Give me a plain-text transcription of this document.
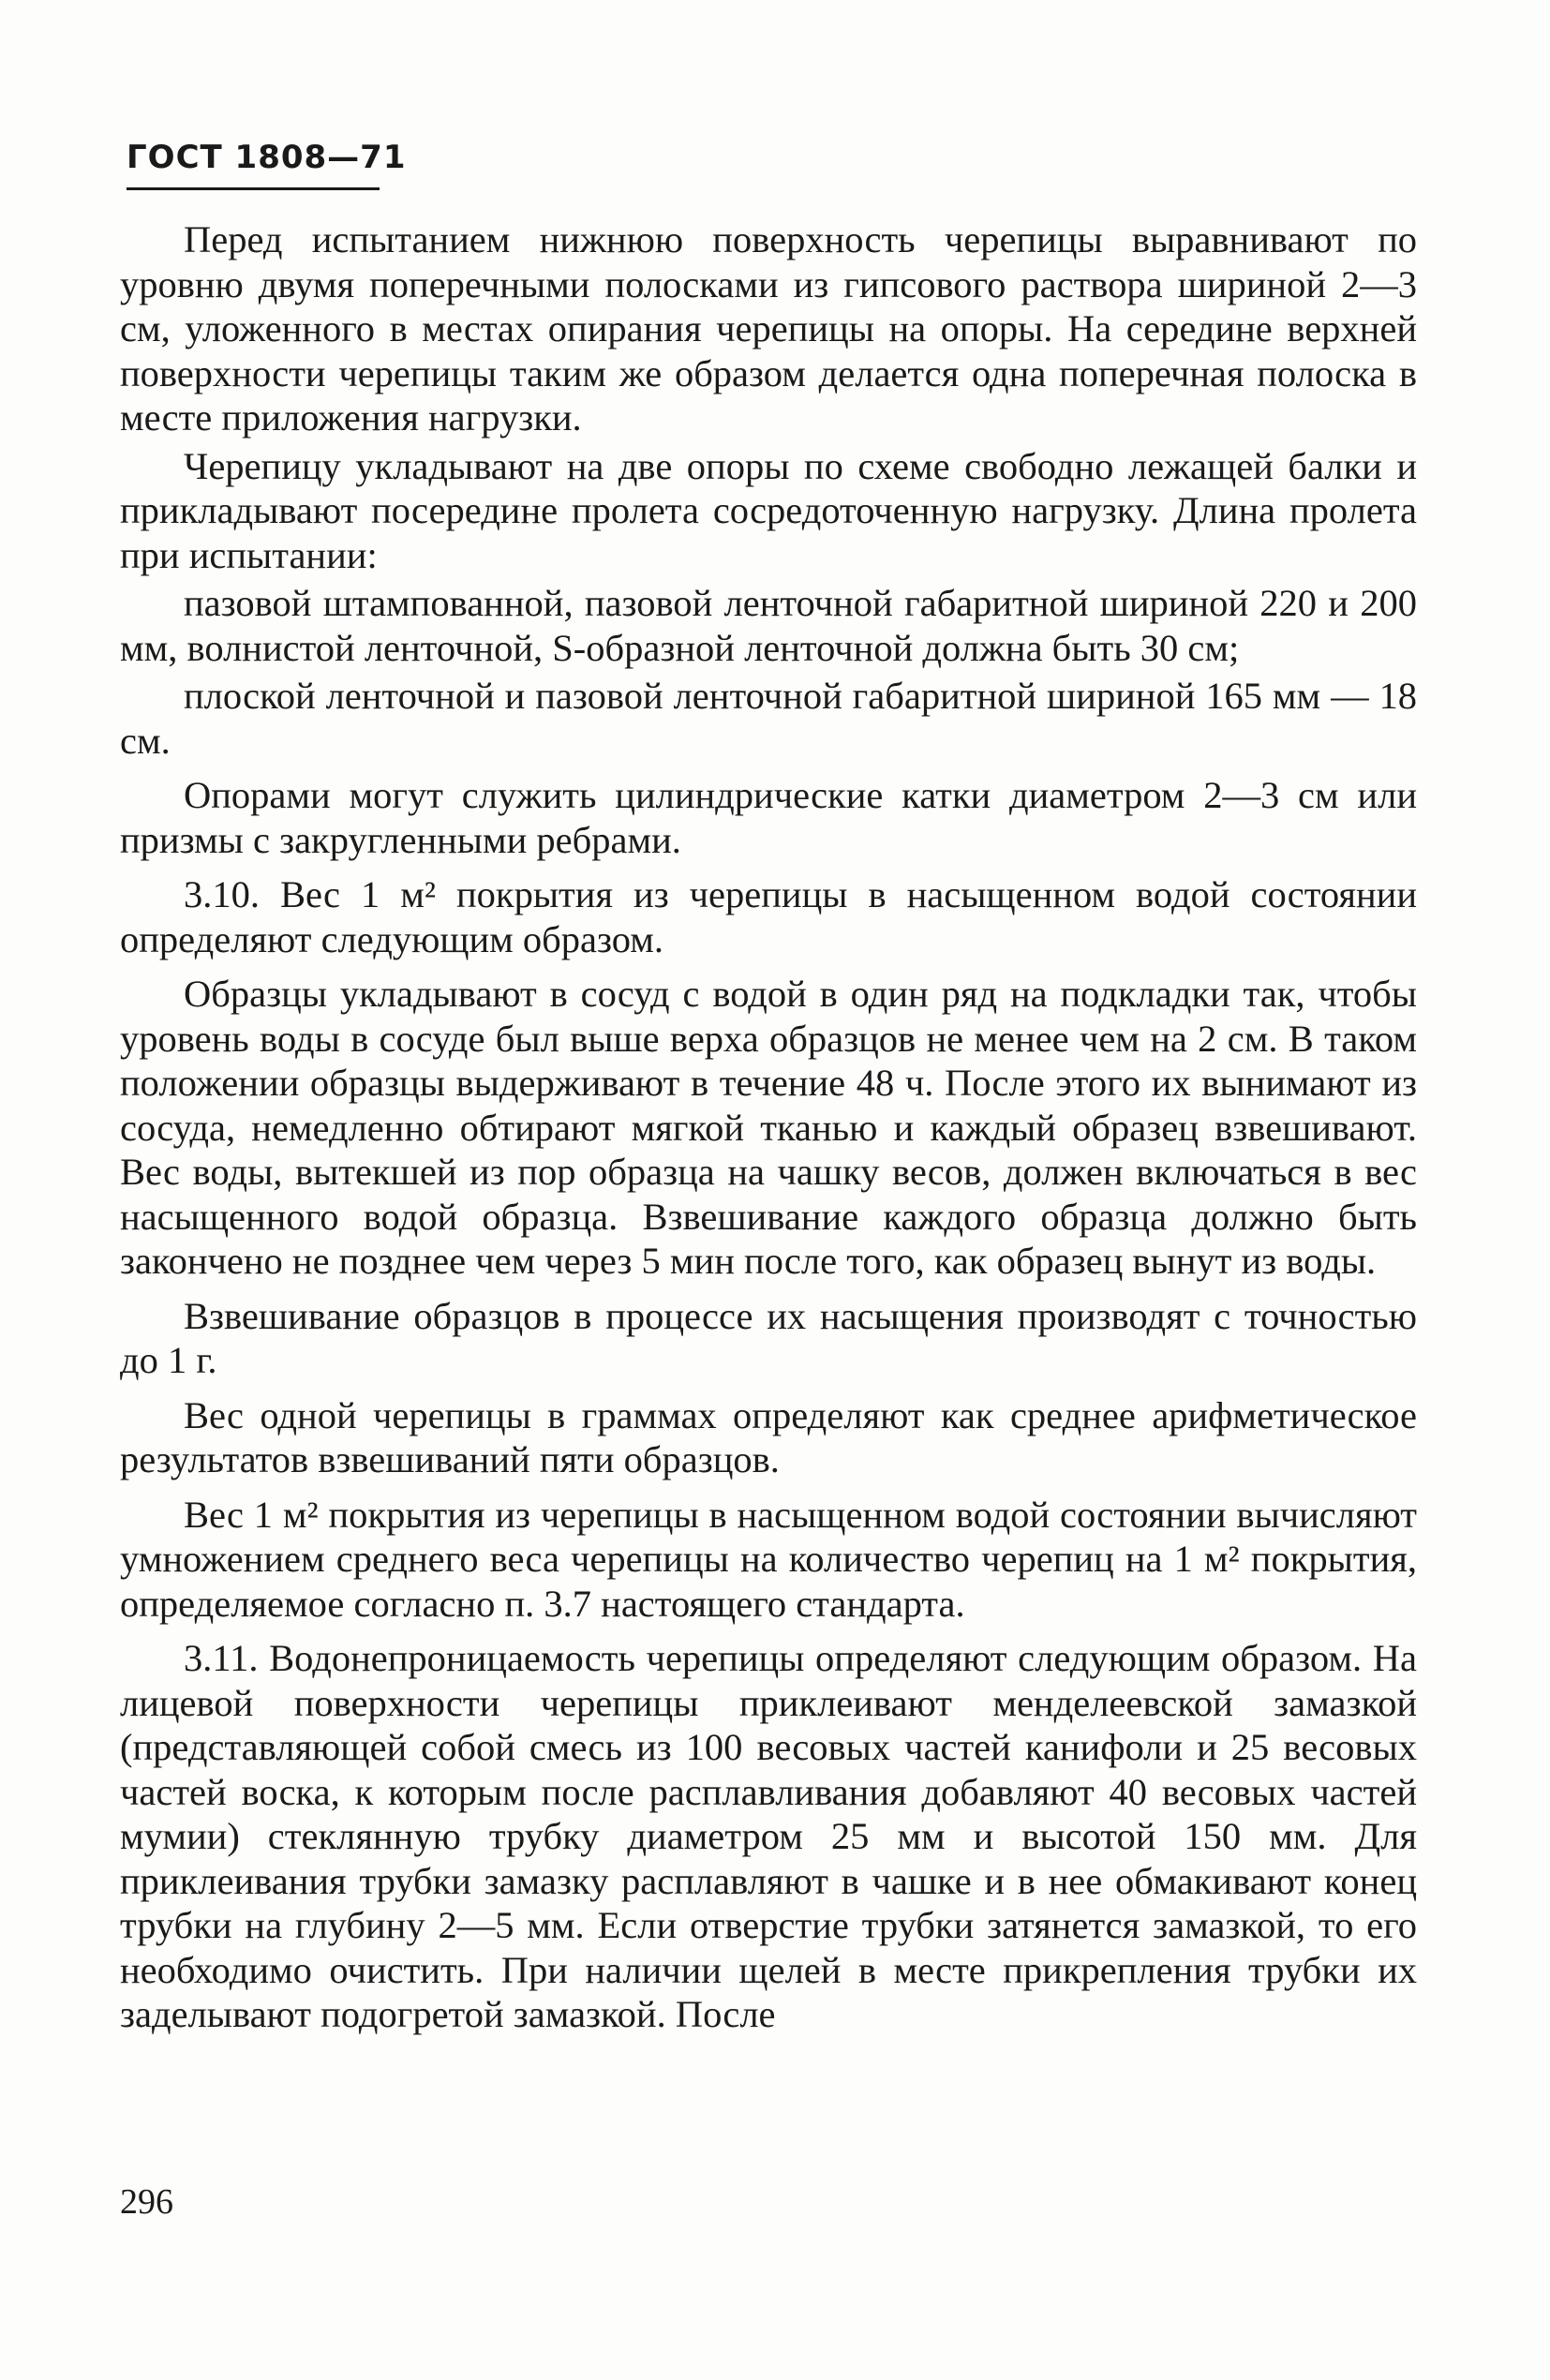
ГОСТ 1808—71

Перед испытанием нижнюю поверхность черепицы выравнивают по уровню двумя поперечными полосками из гипсового раствора шириной 2—3 см, уложенного в местах опирания черепицы на опоры. На середине верхней поверхности черепицы таким же образом делается одна поперечная полоска в месте приложения нагрузки.

Черепицу укладывают на две опоры по схеме свободно лежащей балки и прикладывают посередине пролета сосредоточенную нагрузку. Длина пролета при испытании:

пазовой штампованной, пазовой ленточной габаритной шириной 220 и 200 мм, волнистой ленточной, S-образной ленточной должна быть 30 см;

плоской ленточной и пазовой ленточной габаритной шириной 165 мм — 18 см.

Опорами могут служить цилиндрические катки диаметром 2—3 см или призмы с закругленными ребрами.

3.10. Вес 1 м² покрытия из черепицы в насыщенном водой состоянии определяют следующим образом.

Образцы укладывают в сосуд с водой в один ряд на подкладки так, чтобы уровень воды в сосуде был выше верха образцов не менее чем на 2 см. В таком положении образцы выдерживают в течение 48 ч. После этого их вынимают из сосуда, немедленно обтирают мягкой тканью и каждый образец взвешивают. Вес воды, вытекшей из пор образца на чашку весов, должен включаться в вес насыщенного водой образца. Взвешивание каждого образца должно быть закончено не позднее чем через 5 мин после того, как образец вынут из воды.

Взвешивание образцов в процессе их насыщения производят с точностью до 1 г.

Вес одной черепицы в граммах определяют как среднее арифметическое результатов взвешиваний пяти образцов.

Вес 1 м² покрытия из черепицы в насыщенном водой состоянии вычисляют умножением среднего веса черепицы на количество черепиц на 1 м² покрытия, определяемое согласно п. 3.7 настоящего стандарта.

3.11. Водонепроницаемость черепицы определяют следующим образом. На лицевой поверхности черепицы приклеивают менделеевской замазкой (представляющей собой смесь из 100 весовых частей канифоли и 25 весовых частей воска, к которым после расплавливания добавляют 40 весовых частей мумии) стеклянную трубку диаметром 25 мм и высотой 150 мм. Для приклеивания трубки замазку расплавляют в чашке и в нее обмакивают конец трубки на глубину 2—5 мм. Если отверстие трубки затянется замазкой, то его необходимо очистить. При наличии щелей в месте прикрепления трубки их заделывают подогретой замазкой. После

296
